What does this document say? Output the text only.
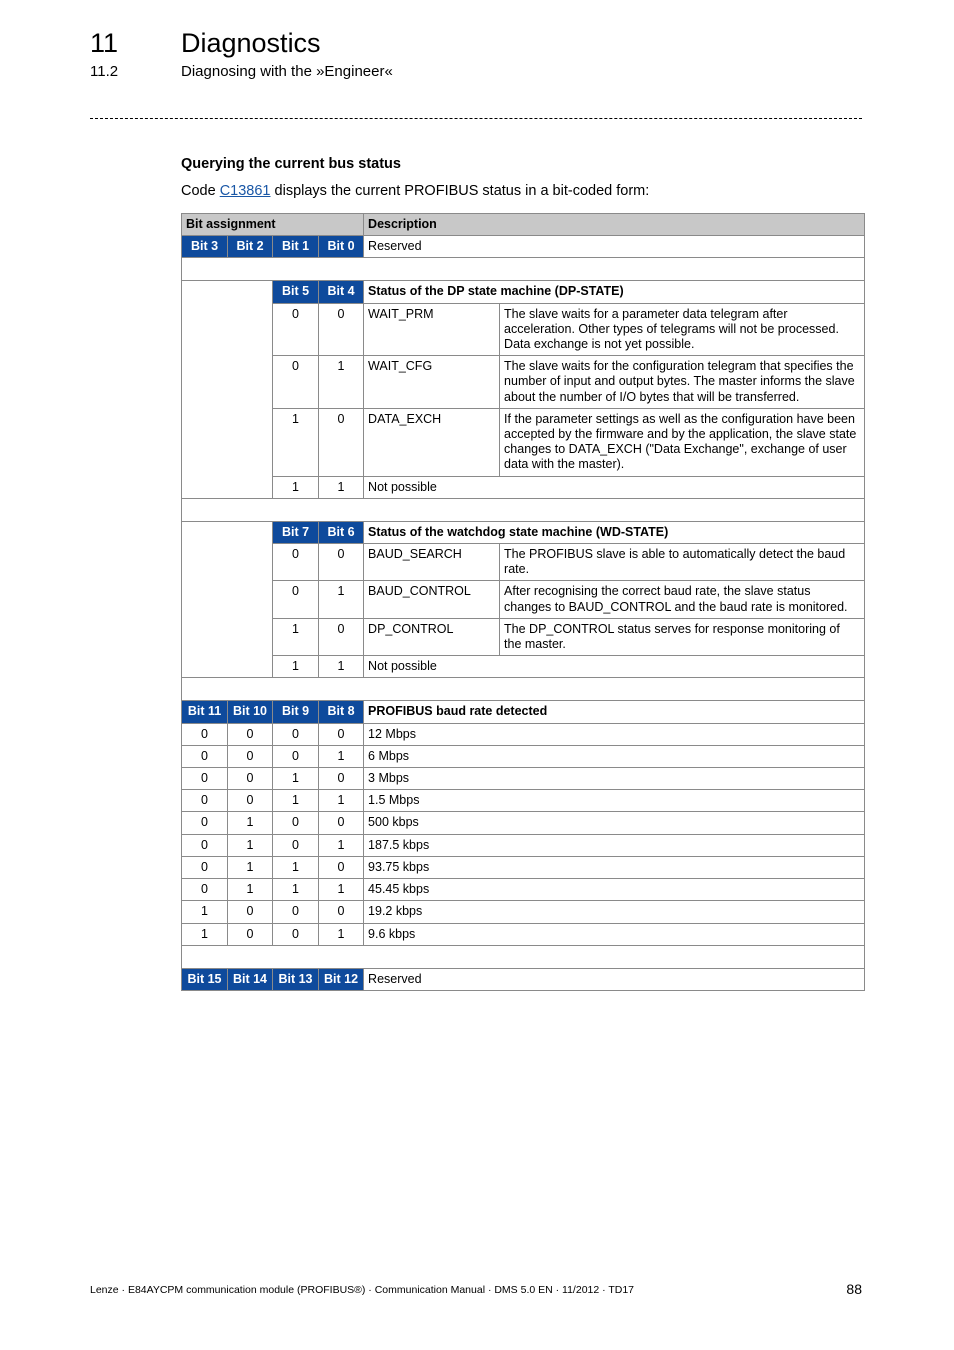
11 Diagnostics
11.2	Diagnosing with the »Engineer«
Querying the current bus status
Code C13861 displays the current PROFIBUS status in a bit-coded form:
Bit assignment				Description	
Bit 3	Bit 2	Bit 1	Bit 0	Reserved	

		Bit 5	Bit 4	Status of the DP state machine (DP-STATE)	
		0	0	WAIT_PRM	The slave waits for a parameter data telegram after acceleration. Other types of telegrams will not be processed. Data exchange is not yet possible.
		0	1	WAIT_CFG	The slave waits for the configuration telegram that specifies the number of input and output bytes. The master informs the slave about the number of I/O bytes that will be transferred.
		1	0	DATA_EXCH	If the parameter settings as well as the configuration have been accepted by the firmware and by the application, the slave state changes to DATA_EXCH ("Data Exchange", exchange of user data with the master).
		1	1	Not possible	

		Bit 7	Bit 6	Status of the watchdog state machine (WD-STATE)	
		0	0	BAUD_SEARCH	The PROFIBUS slave is able to automatically detect the baud rate.
		0	1	BAUD_CONTROL	After recognising the correct baud rate, the slave status changes to BAUD_CONTROL and the baud rate is monitored.
		1	0	DP_CONTROL	The DP_CONTROL status serves for response monitoring of the master.
		1	1	Not possible	

Bit 11	Bit 10	Bit 9	Bit 8	PROFIBUS baud rate detected	
0	0	0	0	12 Mbps	
0	0	0	1	6 Mbps	
0	0	1	0	3 Mbps	
0	0	1	1	1.5 Mbps	
0	1	0	0	500 kbps	
0	1	0	1	187.5 kbps	
0	1	1	0	93.75 kbps	
0	1	1	1	45.45 kbps	
1	0	0	0	19.2 kbps	
1	0	0	1	9.6 kbps	

Bit 15	Bit 14	Bit 13	Bit 12	Reserved	
Lenze · E84AYCPM communication module (PROFIBUS®) · Communication Manual · DMS 5.0 EN · 11/2012 · TD17	88
